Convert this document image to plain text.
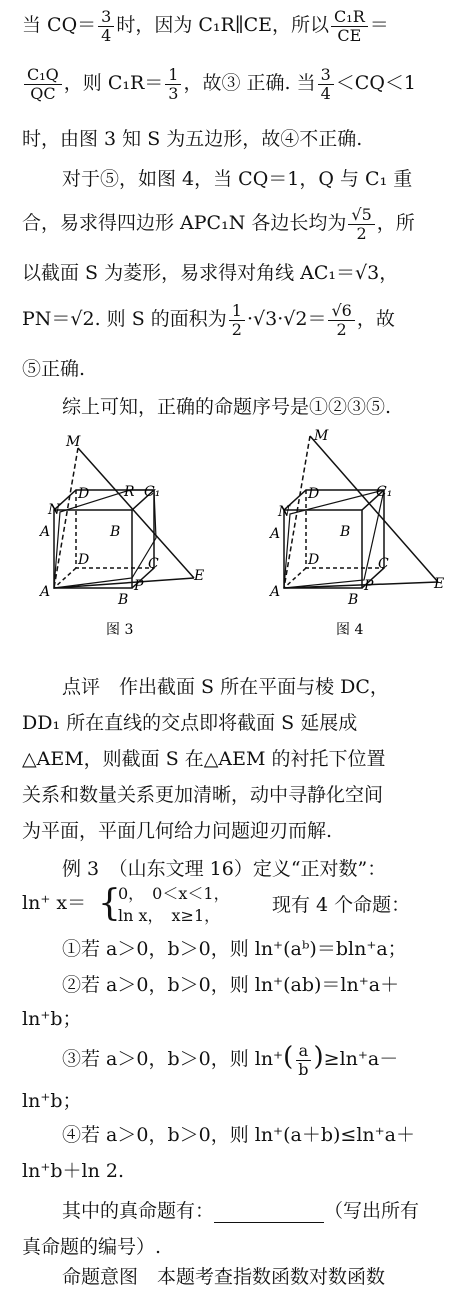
当 $CQ= \frac{3}{4}$ 时，因为 C₁R∥CE，所以 $\frac{\text{C₁R}}{CE}$ ＝
$\frac{\text{C₁Q}}{QC}$ ，则 $C_1R= \frac{1}{3}$ ，故③ 正确. 当 $\frac{3}{4} <CQ<1$
时，由图 3 知 S 为五边形，故④不正确.
对于⑤，如图 4，当 CQ＝1，Q 与 C₁ 重
合，易求得四边形 APC₁N 各边长均为 $\frac{√5}{2}$ ，所
以截面 S 为菱形，易求得对角线 AC₁＝√3，
PN＝√2. 则 S 的面积为 $\frac{1}{2} \cdot√3\cdot√2= \frac{√6}{2}$ ，故
⑤正确.
综上可知，正确的命题序号是①②③⑤.
M
D R C₁
N
A	B
D	C
E
A	B
P
图 3
M
D	C₁
N
A	B
D	C
E
A	B
P
图 4
点评　作出截面 S 所在平面与棱 DC，
DD₁ 所在直线的交点即将截面 S 延展成
△AEM，则截面 S 在△AEM 的衬托下位置
关系和数量关系更加清晰，动中寻静化空间
为平面，平面几何给力问题迎刃而解.
例 3　（山东文理 16）定义“正对数”：
ln⁺ x＝ {
0，　0＜x＜1，
ln x，　x≥1，	现有 4 个命题：
①若 a＞0，b＞0，则 ln⁺(aᵇ)＝bln⁺a；
②若 a＞0，b＞0，则 ln⁺(ab)＝ln⁺a＋
ln⁺b；
③若 a＞0，b＞0，则 $\ln^+( \frac{a}{b} )\ge\ln^+a-$
ln⁺b；
④若 a＞0，b＞0，则 ln⁺(a＋b)≤ln⁺a＋
ln⁺b＋ln 2.
其中的真命题有：	（写出所有
真命题的编号）.
命题意图　本题考查指数函数对数函数
